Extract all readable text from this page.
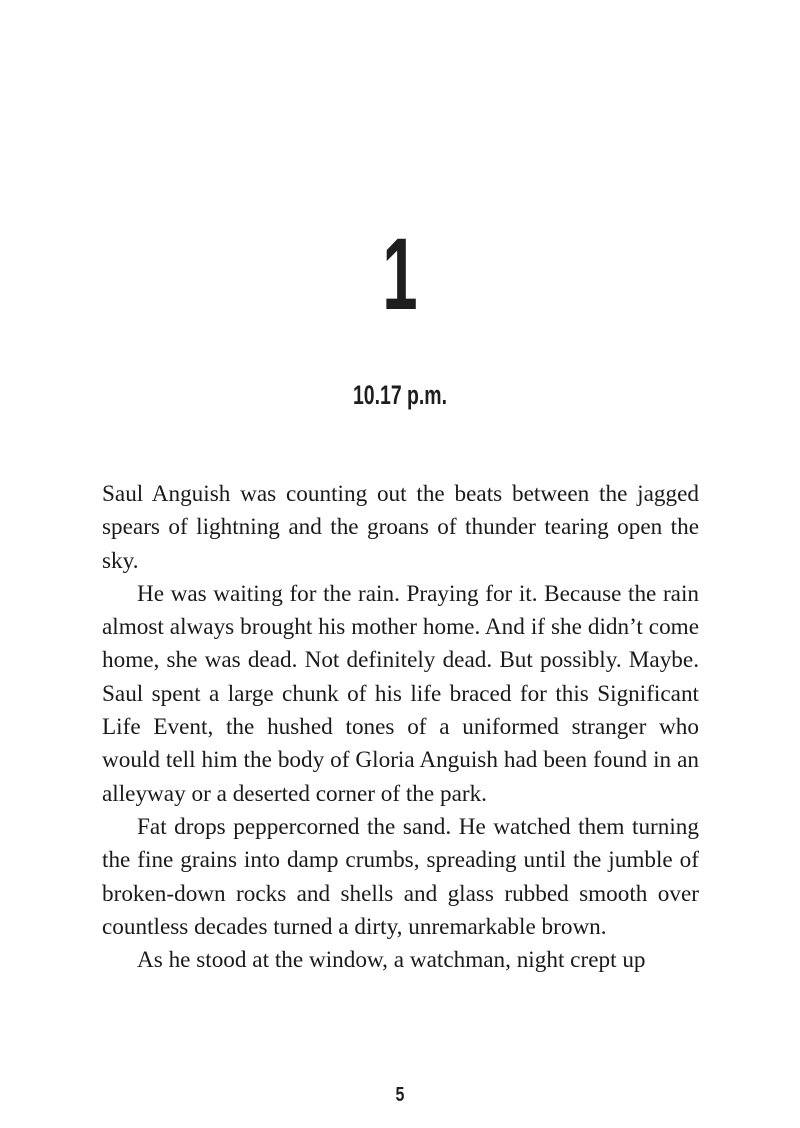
1
10.17 p.m.

Saul Anguish was counting out the beats between the jagged spears of lightning and the groans of thunder tearing open the sky.

He was waiting for the rain. Praying for it. Because the rain almost always brought his mother home. And if she didn’t come home, she was dead. Not definitely dead. But possibly. Maybe. Saul spent a large chunk of his life braced for this Significant Life Event, the hushed tones of a uniformed stranger who would tell him the body of Gloria Anguish had been found in an alleyway or a deserted corner of the park.

Fat drops peppercorned the sand. He watched them turning the fine grains into damp crumbs, spreading until the jumble of broken-down rocks and shells and glass rubbed smooth over countless decades turned a dirty, unremarkable brown.

As he stood at the window, a watchman, night crept up

5
